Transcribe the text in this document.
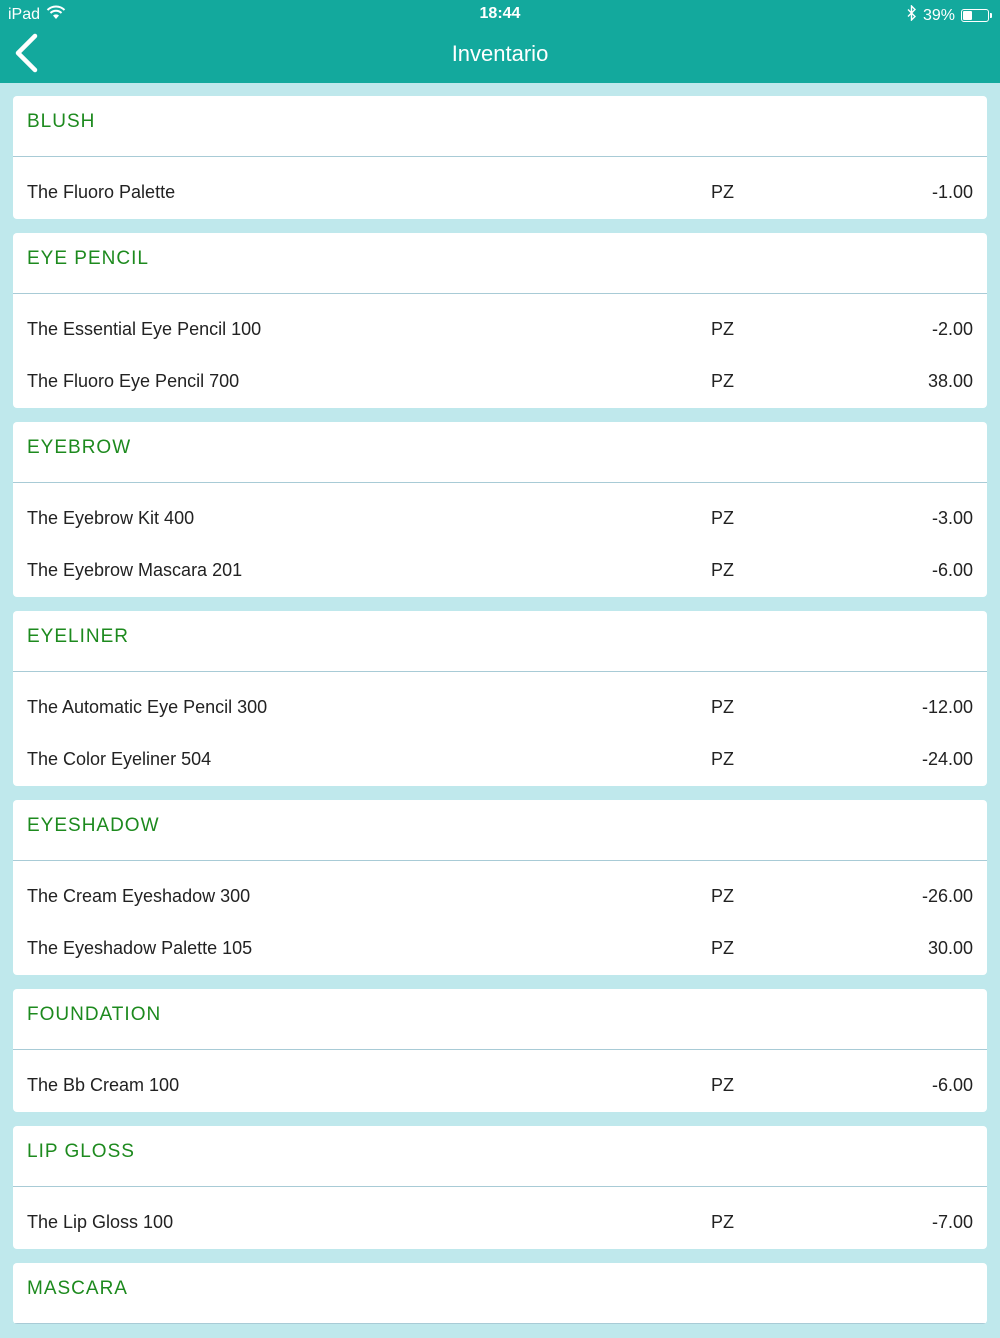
iPad	18:44	39%
Inventario
BLUSH
The Fluoro Palette	PZ	-1.00
EYE PENCIL
The Essential Eye Pencil 100	PZ	-2.00
The Fluoro Eye Pencil 700	PZ	38.00
EYEBROW
The Eyebrow Kit 400	PZ	-3.00
The Eyebrow Mascara 201	PZ	-6.00
EYELINER
The Automatic Eye Pencil 300	PZ	-12.00
The Color Eyeliner 504	PZ	-24.00
EYESHADOW
The Cream Eyeshadow 300	PZ	-26.00
The Eyeshadow Palette 105	PZ	30.00
FOUNDATION
The Bb Cream 100	PZ	-6.00
LIP GLOSS
The Lip Gloss 100	PZ	-7.00
MASCARA
